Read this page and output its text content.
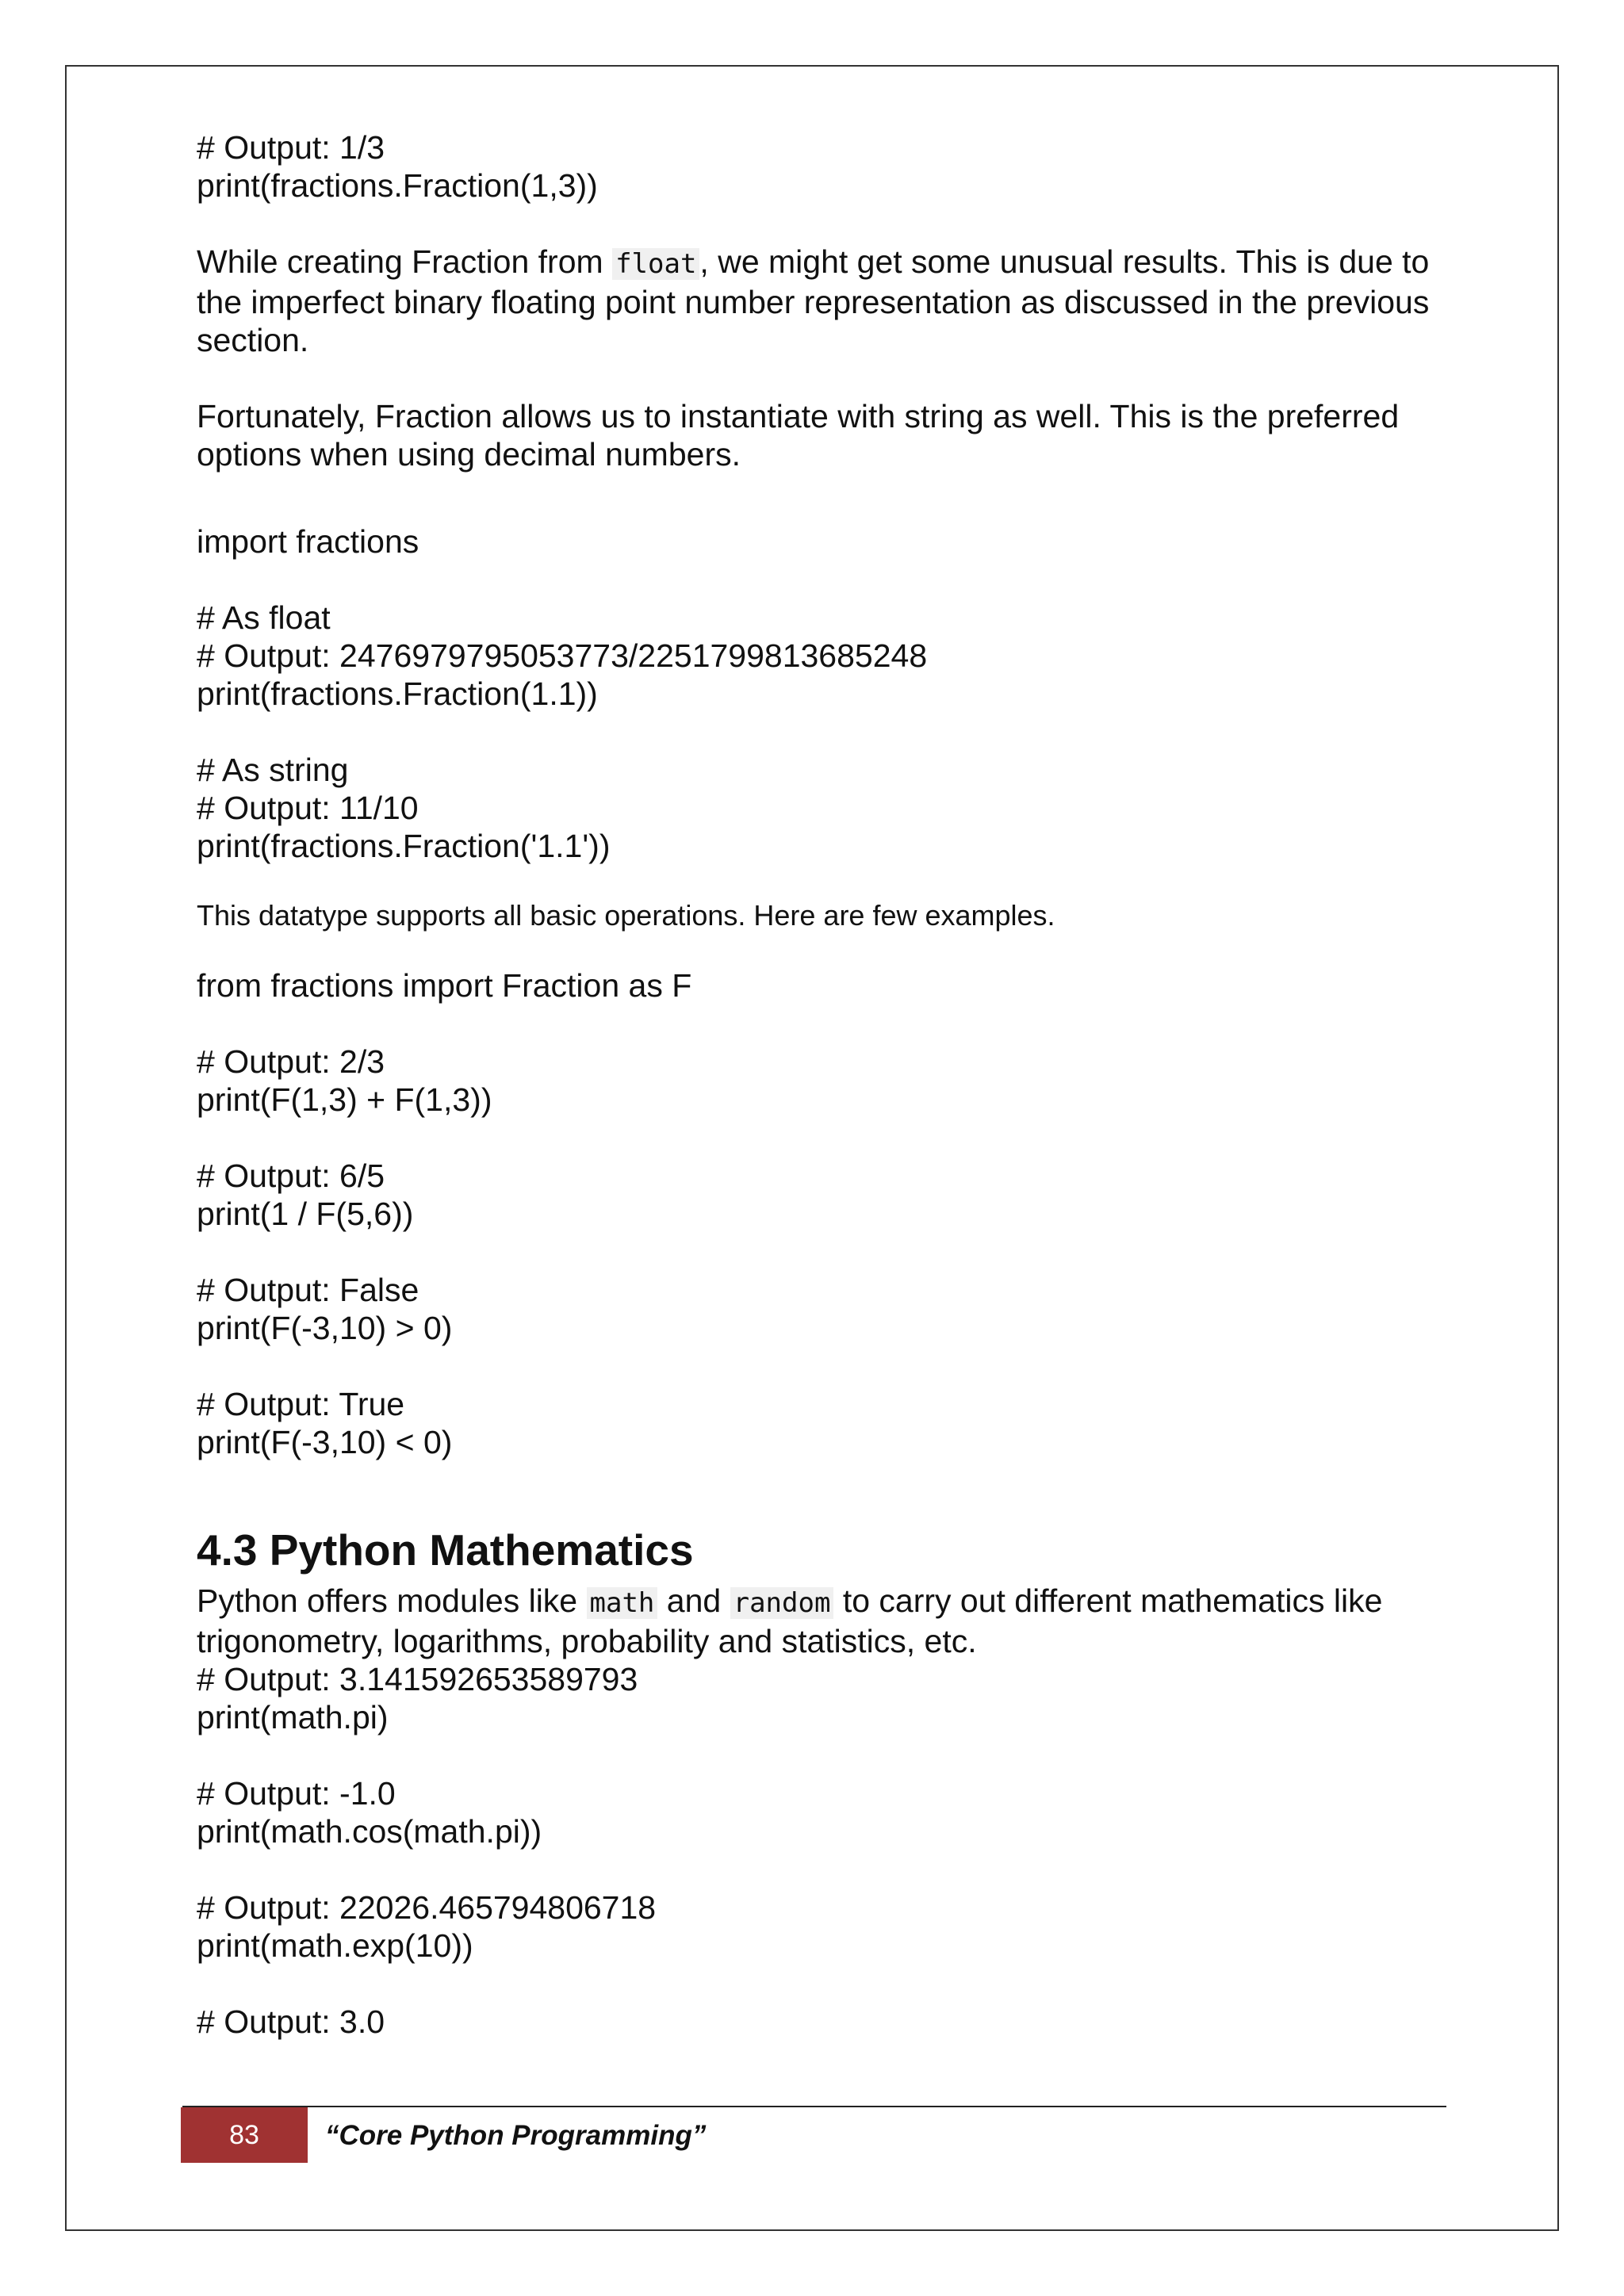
# Output: 1/3

print(fractions.Fraction(1,3))

While creating Fraction from float, we might get some unusual results. This is due to the imperfect binary floating point number representation as discussed in the previous section.

Fortunately, Fraction allows us to instantiate with string as well. This is the preferred options when using decimal numbers.

import fractions

# As float

# Output: 2476979795053773/2251799813685248

print(fractions.Fraction(1.1))

# As string

# Output: 11/10

print(fractions.Fraction('1.1'))

This datatype supports all basic operations. Here are few examples.

from fractions import Fraction as F

# Output: 2/3

print(F(1,3) + F(1,3))

# Output: 6/5

print(1 / F(5,6))

# Output: False

print(F(-3,10) > 0)

# Output: True

print(F(-3,10) < 0)

4.3 Python Mathematics

Python offers modules like math and random to carry out different mathematics like trigonometry, logarithms, probability and statistics, etc.

# Output: 3.141592653589793

print(math.pi)

# Output: -1.0

print(math.cos(math.pi))

# Output: 22026.465794806718

print(math.exp(10))

# Output: 3.0

83 “Core Python Programming”
